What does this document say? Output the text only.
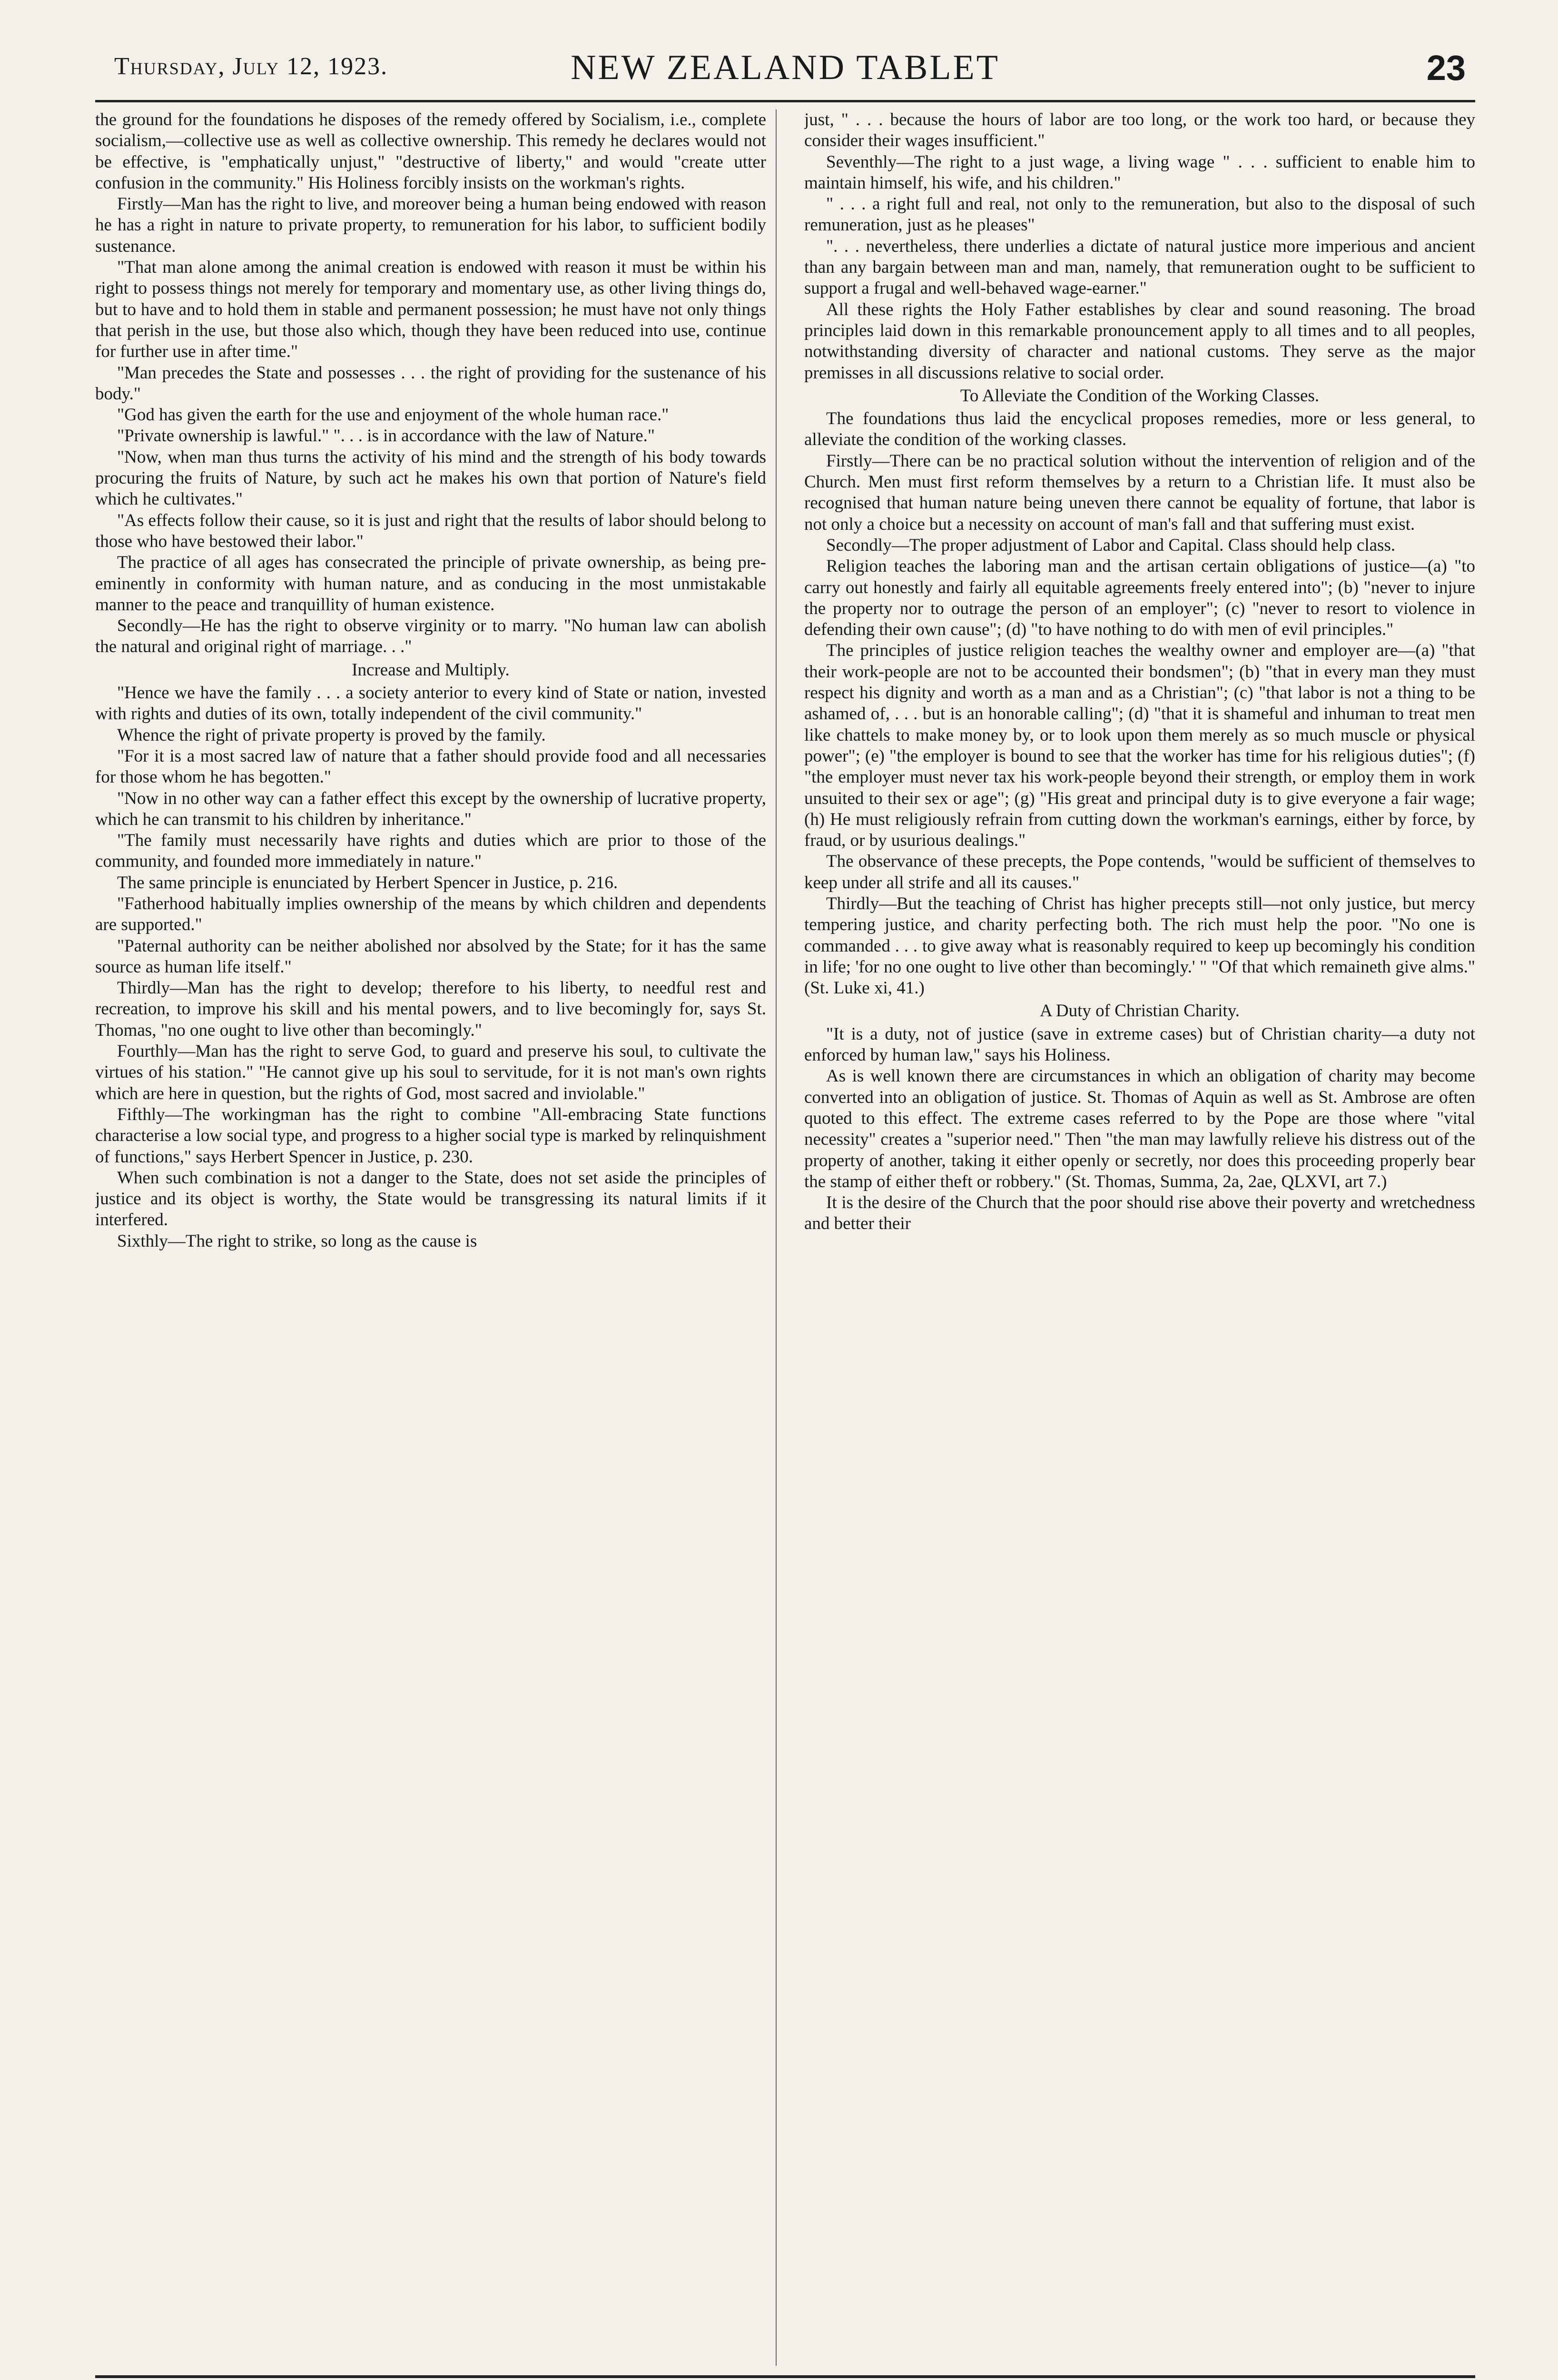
Thursday, July 12, 1923.	NEW ZEALAND TABLET	23

the ground for the foundations he disposes of the remedy offered by Socialism, i.e., complete socialism,—collective use as well as collective ownership. This remedy he declares would not be effective, is "emphatically unjust," "destructive of liberty," and would "create utter confusion in the community." His Holiness forcibly insists on the workman's rights.

Firstly—Man has the right to live, and moreover being a human being endowed with reason he has a right in nature to private property, to remuneration for his labor, to sufficient bodily sustenance.

"That man alone among the animal creation is endowed with reason it must be within his right to possess things not merely for temporary and momentary use, as other living things do, but to have and to hold them in stable and permanent possession; he must have not only things that perish in the use, but those also which, though they have been reduced into use, continue for further use in after time."

"Man precedes the State and possesses . . . the right of providing for the sustenance of his body."

"God has given the earth for the use and enjoyment of the whole human race."

"Private ownership is lawful." ". . . is in accordance with the law of Nature."

"Now, when man thus turns the activity of his mind and the strength of his body towards procuring the fruits of Nature, by such act he makes his own that portion of Nature's field which he cultivates."

"As effects follow their cause, so it is just and right that the results of labor should belong to those who have bestowed their labor."

The practice of all ages has consecrated the principle of private ownership, as being pre-eminently in conformity with human nature, and as conducing in the most unmistakable manner to the peace and tranquillity of human existence.

Secondly—He has the right to observe virginity or to marry. "No human law can abolish the natural and original right of marriage. . ."

Increase and Multiply.

"Hence we have the family . . . a society anterior to every kind of State or nation, invested with rights and duties of its own, totally independent of the civil community."

Whence the right of private property is proved by the family.

"For it is a most sacred law of nature that a father should provide food and all necessaries for those whom he has begotten."

"Now in no other way can a father effect this except by the ownership of lucrative property, which he can transmit to his children by inheritance."

"The family must necessarily have rights and duties which are prior to those of the community, and founded more immediately in nature."

The same principle is enunciated by Herbert Spencer in Justice, p. 216.

"Fatherhood habitually implies ownership of the means by which children and dependents are supported."

"Paternal authority can be neither abolished nor absolved by the State; for it has the same source as human life itself."

Thirdly—Man has the right to develop; therefore to his liberty, to needful rest and recreation, to improve his skill and his mental powers, and to live becomingly for, says St. Thomas, "no one ought to live other than becomingly."

Fourthly—Man has the right to serve God, to guard and preserve his soul, to cultivate the virtues of his station." "He cannot give up his soul to servitude, for it is not man's own rights which are here in question, but the rights of God, most sacred and inviolable."

Fifthly—The workingman has the right to combine "All-embracing State functions characterise a low social type, and progress to a higher social type is marked by relinquishment of functions," says Herbert Spencer in Justice, p. 230.

When such combination is not a danger to the State, does not set aside the principles of justice and its object is worthy, the State would be transgressing its natural limits if it interfered.

Sixthly—The right to strike, so long as the cause is

just, " . . . because the hours of labor are too long, or the work too hard, or because they consider their wages insufficient."

Seventhly—The right to a just wage, a living wage " . . . sufficient to enable him to maintain himself, his wife, and his children."

" . . . a right full and real, not only to the remuneration, but also to the disposal of such remuneration, just as he pleases"

". . . nevertheless, there underlies a dictate of natural justice more imperious and ancient than any bargain between man and man, namely, that remuneration ought to be sufficient to support a frugal and well-behaved wage-earner."

All these rights the Holy Father establishes by clear and sound reasoning. The broad principles laid down in this remarkable pronouncement apply to all times and to all peoples, notwithstanding diversity of character and national customs. They serve as the major premisses in all discussions relative to social order.

To Alleviate the Condition of the Working Classes.

The foundations thus laid the encyclical proposes remedies, more or less general, to alleviate the condition of the working classes.

Firstly—There can be no practical solution without the intervention of religion and of the Church. Men must first reform themselves by a return to a Christian life. It must also be recognised that human nature being uneven there cannot be equality of fortune, that labor is not only a choice but a necessity on account of man's fall and that suffering must exist.

Secondly—The proper adjustment of Labor and Capital. Class should help class.

Religion teaches the laboring man and the artisan certain obligations of justice—(a) "to carry out honestly and fairly all equitable agreements freely entered into"; (b) "never to injure the property nor to outrage the person of an employer"; (c) "never to resort to violence in defending their own cause"; (d) "to have nothing to do with men of evil principles."

The principles of justice religion teaches the wealthy owner and employer are—(a) "that their work-people are not to be accounted their bondsmen"; (b) "that in every man they must respect his dignity and worth as a man and as a Christian"; (c) "that labor is not a thing to be ashamed of, . . . but is an honorable calling"; (d) "that it is shameful and inhuman to treat men like chattels to make money by, or to look upon them merely as so much muscle or physical power"; (e) "the employer is bound to see that the worker has time for his religious duties"; (f) "the employer must never tax his work-people beyond their strength, or employ them in work unsuited to their sex or age"; (g) "His great and principal duty is to give everyone a fair wage; (h) He must religiously refrain from cutting down the workman's earnings, either by force, by fraud, or by usurious dealings."

The observance of these precepts, the Pope contends, "would be sufficient of themselves to keep under all strife and all its causes."

Thirdly—But the teaching of Christ has higher precepts still—not only justice, but mercy tempering justice, and charity perfecting both. The rich must help the poor. "No one is commanded . . . to give away what is reasonably required to keep up becomingly his condition in life; 'for no one ought to live other than becomingly.' " "Of that which remaineth give alms." (St. Luke xi, 41.)

A Duty of Christian Charity.

"It is a duty, not of justice (save in extreme cases) but of Christian charity—a duty not enforced by human law," says his Holiness.

As is well known there are circumstances in which an obligation of charity may become converted into an obligation of justice. St. Thomas of Aquin as well as St. Ambrose are often quoted to this effect. The extreme cases referred to by the Pope are those where "vital necessity" creates a "superior need." Then "the man may lawfully relieve his distress out of the property of another, taking it either openly or secretly, nor does this proceeding properly bear the stamp of either theft or robbery." (St. Thomas, Summa, 2a, 2ae, QLXVI, art 7.)

It is the desire of the Church that the poor should rise above their poverty and wretchedness and better their
